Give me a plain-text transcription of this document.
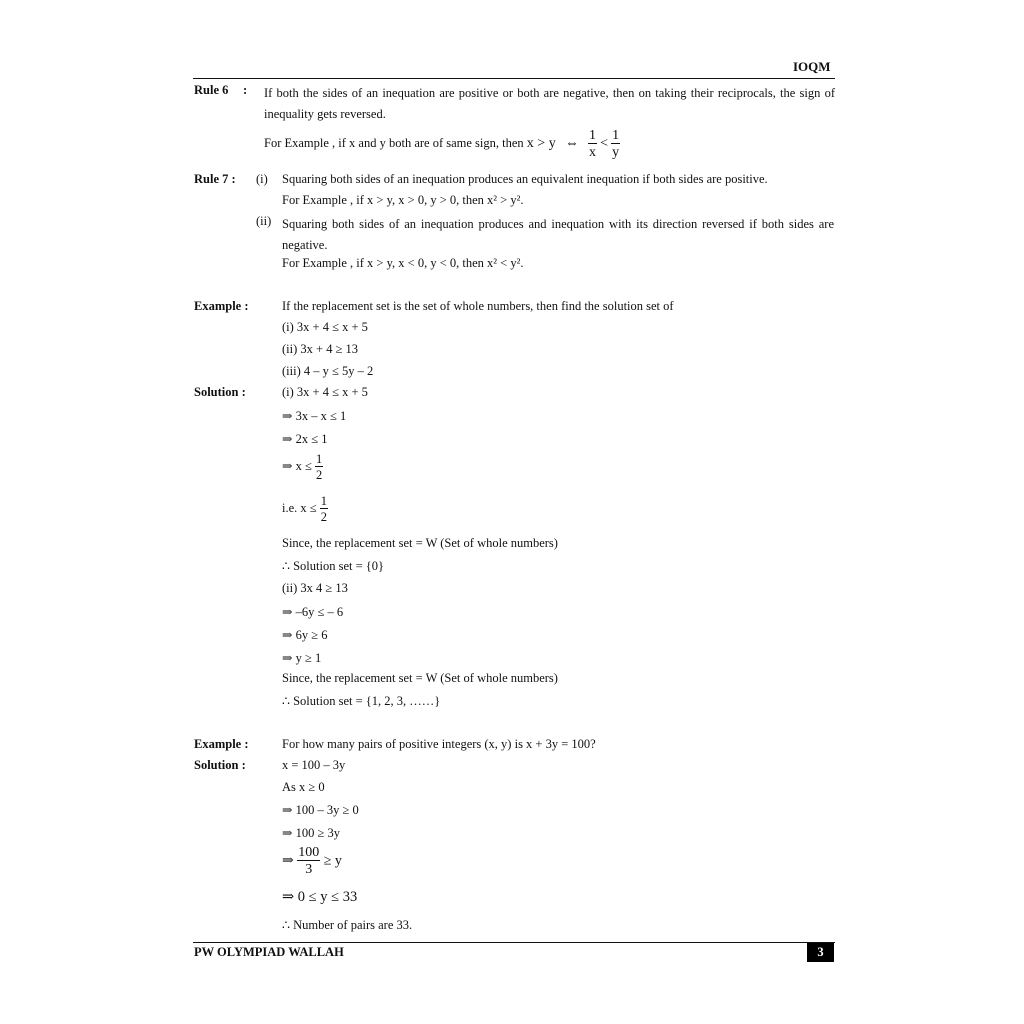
IOQM
Rule 6 : If both the sides of an inequation are positive or both are negative, then on taking their reciprocals, the sign of inequality gets reversed.
For Example , if x and y both are of same sign, then x > y ⇔ $\frac{1}{x} < \frac{1}{y}$
Rule 7 : (i) Squaring both sides of an inequation produces an equivalent inequation if both sides are positive.
For Example , if x > y, x > 0, y > 0, then x² > y².
(ii) Squaring both sides of an inequation produces and inequation with its direction reversed if both sides are negative.
For Example , if x > y, x < 0, y < 0, then x² < y².
Example :	If the replacement set is the set of whole numbers, then find the solution set of
(i) 3x + 4 ≤ x + 5
(ii) 3x + 4 ≥ 13
(iii) 4 – y ≤ 5y – 2
Solution :	(i) 3x + 4 ≤ x + 5
⇒ 3x – x ≤ 1
⇒ 2x ≤ 1
⇒ $x \le \frac{1}{2}$
i.e. $x \le \frac{1}{2}$
Since, the replacement set = W (Set of whole numbers)
∴ Solution set = {0}
(ii) 3x 4 ≥ 13
⇒ –6y ≤ – 6
⇒ 6y ≥ 6
⇒ y ≥ 1
Since, the replacement set = W (Set of whole numbers)
∴ Solution set = {1, 2, 3, ……}
Example :	For how many pairs of positive integers (x, y) is x + 3y = 100?
Solution :	x = 100 – 3y
As x ≥ 0
⇒ 100 – 3y ≥ 0
⇒ 100 ≥ 3y
⇒ $\frac{100}{3} \ge y$
⇒ 0 ≤ y ≤ 33
∴ Number of pairs are 33.
PW OLYMPIAD WALLAH	3
